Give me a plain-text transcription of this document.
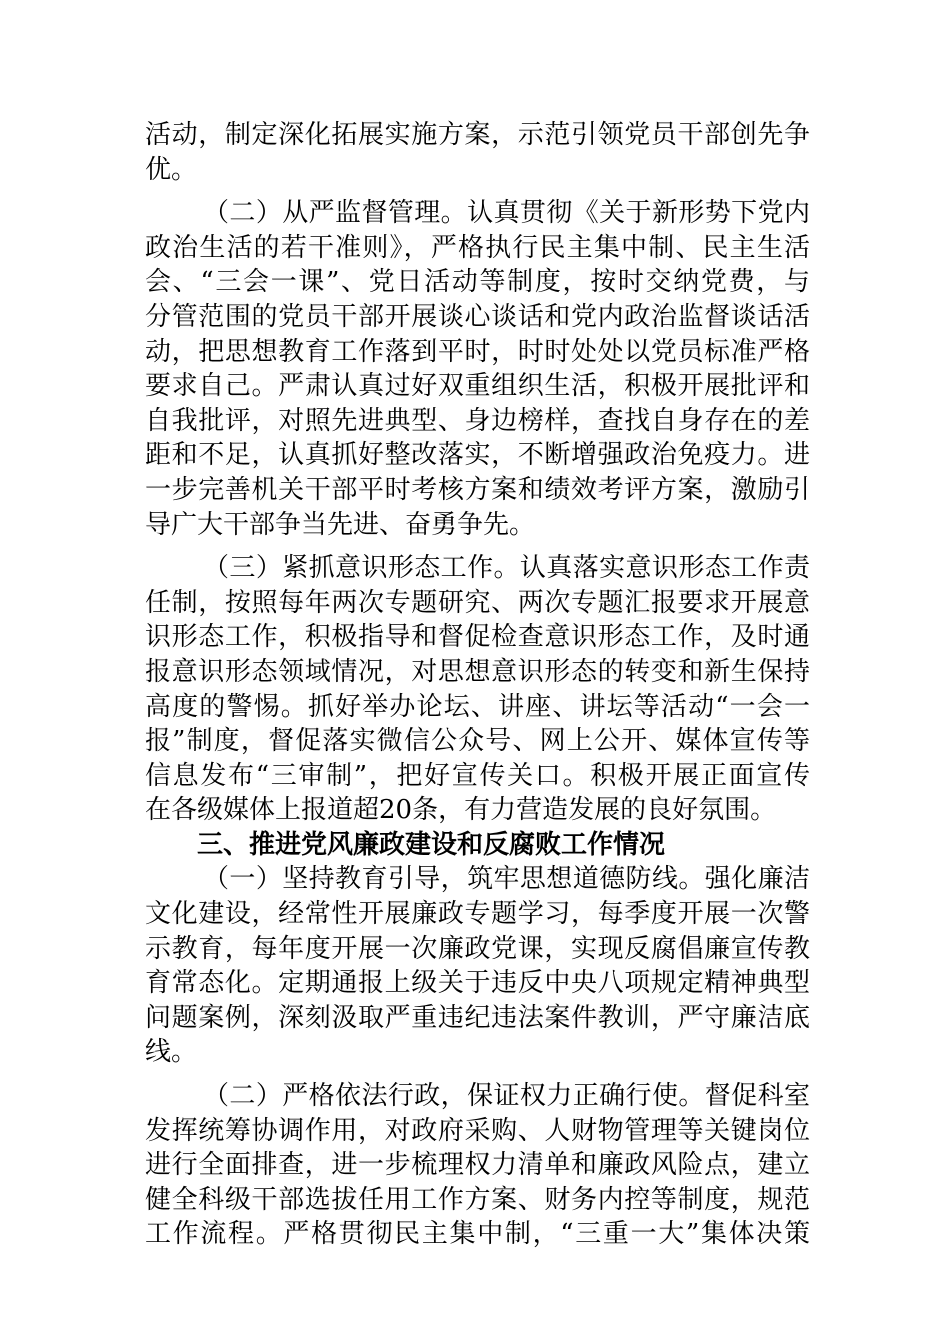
活动，制定深化拓展实施方案，示范引领党员干部创先争
优。
（二）从严监督管理。认真贯彻《关于新形势下党内
政治生活的若干准则》，严格执行民主集中制、民主生活
会、“三会一课”、党日活动等制度，按时交纳党费，与
分管范围的党员干部开展谈心谈话和党内政治监督谈话活
动，把思想教育工作落到平时，时时处处以党员标准严格
要求自己。严肃认真过好双重组织生活，积极开展批评和
自我批评，对照先进典型、身边榜样，查找自身存在的差
距和不足，认真抓好整改落实，不断增强政治免疫力。进
一步完善机关干部平时考核方案和绩效考评方案，激励引
导广大干部争当先进、奋勇争先。
（三）紧抓意识形态工作。认真落实意识形态工作责
任制，按照每年两次专题研究、两次专题汇报要求开展意
识形态工作，积极指导和督促检查意识形态工作，及时通
报意识形态领域情况，对思想意识形态的转变和新生保持
高度的警惕。抓好举办论坛、讲座、讲坛等活动“一会一
报”制度，督促落实微信公众号、网上公开、媒体宣传等
信息发布“三审制”，把好宣传关口。积极开展正面宣传
在各级媒体上报道超20条，有力营造发展的良好氛围。
三、推进党风廉政建设和反腐败工作情况
（一）坚持教育引导，筑牢思想道德防线。强化廉洁
文化建设，经常性开展廉政专题学习，每季度开展一次警
示教育，每年度开展一次廉政党课，实现反腐倡廉宣传教
育常态化。定期通报上级关于违反中央八项规定精神典型
问题案例，深刻汲取严重违纪违法案件教训，严守廉洁底
线。
（二）严格依法行政，保证权力正确行使。督促科室
发挥统筹协调作用，对政府采购、人财物管理等关键岗位
进行全面排查，进一步梳理权力清单和廉政风险点，建立
健全科级干部选拔任用工作方案、财务内控等制度，规范
工作流程。严格贯彻民主集中制，“三重一大”集体决策
